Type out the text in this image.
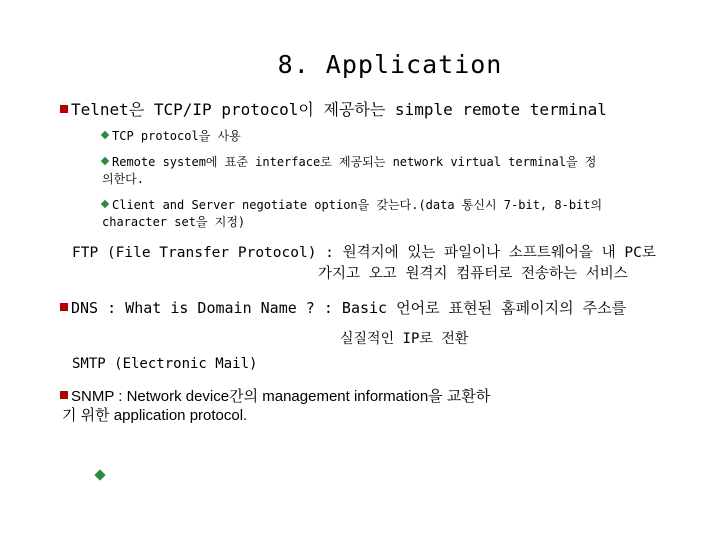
8. Application
Telnet은 TCP/IP protocol이 제공하는 simple remote terminal
TCP protocol을 사용
Remote system에 표준 interface로 제공되는 network virtual terminal을 정
의한다.
Client and Server negotiate option을 갖는다.(data 통신시 7-bit, 8-bit의
character set을 지정)
FTP (File Transfer Protocol) : 원격지에 있는 파일이나 소프트웨어을 내 PC로
가지고 오고 원격지 컴퓨터로 전송하는 서비스
DNS : What is Domain Name ? : Basic 언어로 표현된 홈페이지의 주소를
실질적인 IP로 전환
SMTP (Electronic Mail)
SNMP : Network device간의 management information을 교환하
기 위한 application protocol.
